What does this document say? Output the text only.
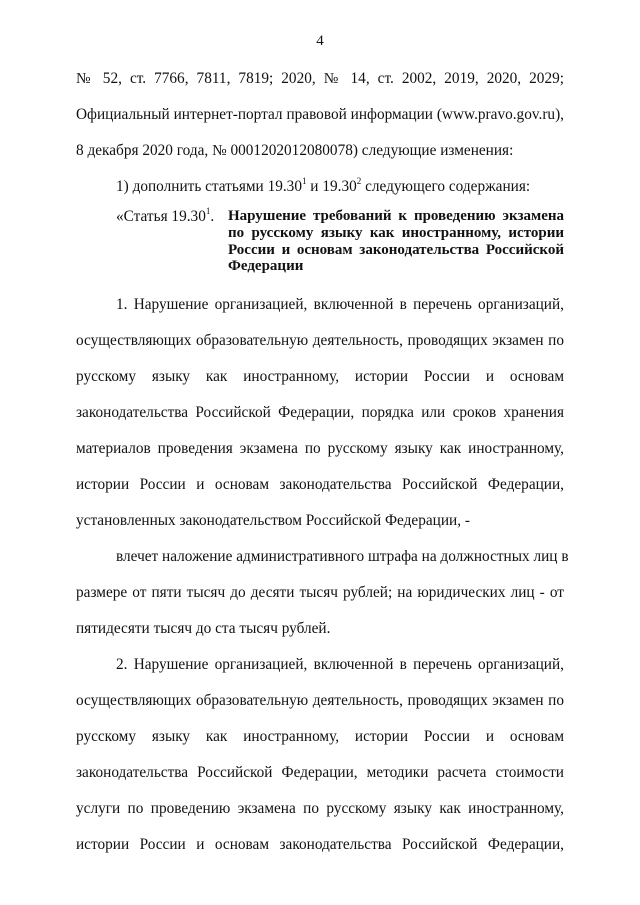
4
№ 52, ст. 7766, 7811, 7819; 2020, № 14, ст. 2002, 2019, 2020, 2029;
Официальный интернет-портал правовой информации (www.pravo.gov.ru),
8 декабря 2020 года, № 0001202012080078) следующие изменения:
1) дополнить статьями 19.30$^1$ и 19.30$^2$ следующего содержания:
«Статья 19.30$^1$. Нарушение требований к проведению экзамена
по русскому языку как иностранному, истории
России и основам законодательства Российской
Федерации
1. Нарушение организацией, включенной в перечень организаций,
осуществляющих образовательную деятельность, проводящих экзамен по
русскому языку как иностранному, истории России и основам
законодательства Российской Федерации, порядка или сроков хранения
материалов проведения экзамена по русскому языку как иностранному,
истории России и основам законодательства Российской Федерации,
установленных законодательством Российской Федерации, -
влечет наложение административного штрафа на должностных лиц в
размере от пяти тысяч до десяти тысяч рублей; на юридических лиц - от
пятидесяти тысяч до ста тысяч рублей.
2. Нарушение организацией, включенной в перечень организаций,
осуществляющих образовательную деятельность, проводящих экзамен по
русскому языку как иностранному, истории России и основам
законодательства Российской Федерации, методики расчета стоимости
услуги по проведению экзамена по русскому языку как иностранному,
истории России и основам законодательства Российской Федерации,
